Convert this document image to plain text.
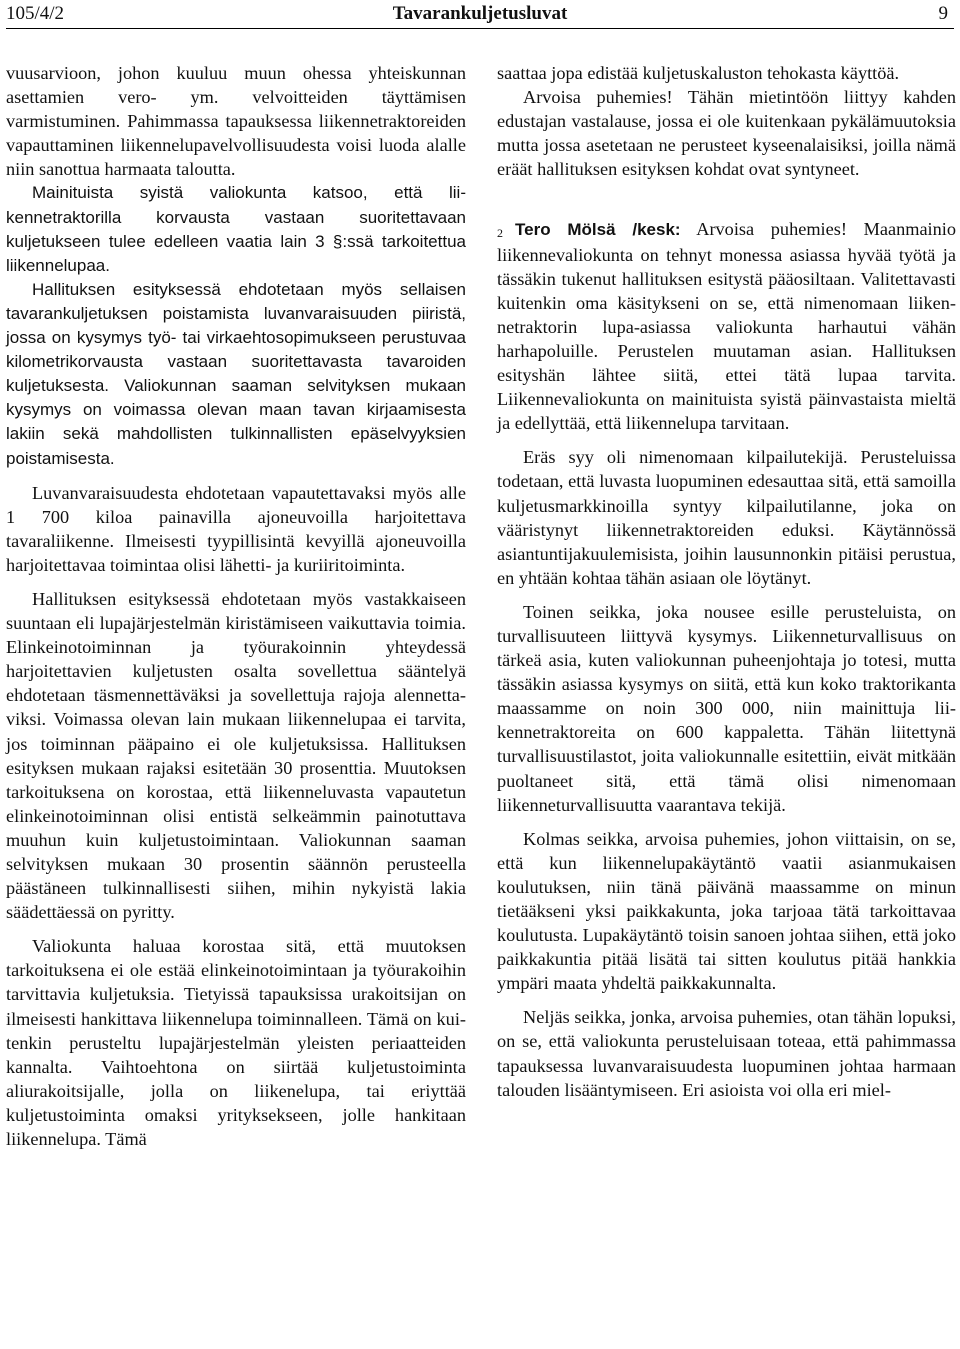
105/4/2	Tavarankuljetusluvat	9

vuusarvioon, johon kuuluu muun ohessa yhteiskunnan asettamien vero- ym. velvoitteiden täyttämisen varmistuminen. Pahimmassa tapauksessa liikennetraktoreiden vapauttaminen liikennelupavelvollisuudesta voisi luoda alalle niin sanottua harmaata taloutta.

Mainituista syistä valiokunta katsoo, että liikennetraktorilla korvausta vastaan suoritettavaan kuljetukseen tulee edelleen vaatia lain 3 §:ssä tarkoitettua liikennelupaa.

Hallituksen esityksessä ehdotetaan myös sellaisen tavarankuljetuksen poistamista luvanvaraisuuden piiristä, jossa on kysymys työ- tai virkaehtosopimukseen perustuvaa kilometrikorvausta vastaan suoritettavasta tavaroiden kuljetuksesta. Valiokunnan saaman selvityksen mukaan kysymys on voimassa olevan maan tavan kirjaamisesta lakiin sekä mahdollisten tulkinnallisten epäselvyyksien poistamisesta.

Luvanvaraisuudesta ehdotetaan vapautettavaksi myös alle 1 700 kiloa painavilla ajoneuvoilla harjoitettava tavaraliikenne. Ilmeisesti tyypillisintä kevyillä ajoneuvoilla harjoitettavaa toimintaa olisi lähetti- ja kuriiritoiminta.

Hallituksen esityksessä ehdotetaan myös vastakkaiseen suuntaan eli lupajärjestelmän kiristämiseen vaikuttavia toimia. Elinkeinotoiminnan ja työurakoinnin yhteydessä harjoitettavien kuljetusten osalta sovellettua sääntelyä ehdotetaan täsmennettäväksi ja sovellettuja rajoja alennettaviksi. Voimassa olevan lain mukaan liikennelupaa ei tarvita, jos toiminnan pääpaino ei ole kuljetuksissa. Hallituksen esityksen mukaan rajaksi esitetään 30 prosenttia. Muutoksen tarkoituksena on korostaa, että liikenneluvasta vapautetun elinkeinotoiminnan olisi entistä selkeämmin painotuttava muuhun kuin kuljetustoimintaan. Valiokunnan saaman selvityksen mukaan 30 prosentin säännön perusteella päästäneen tulkinnallisesti siihen, mihin nykyistä lakia säädettäessä on pyritty.

Valiokunta haluaa korostaa sitä, että muutoksen tarkoituksena ei ole estää elinkeinotoimintaan ja työurakoihin tarvittavia kuljetuksia. Tietyissä tapauksissa urakoitsijan on ilmeisesti hankittava liikennelupa toiminnalleen. Tämä on kuitenkin perusteltu lupajärjestelmän yleisten periaatteiden kannalta. Vaihtoehtona on siirtää kuljetustoiminta aliurakoitsijalle, jolla on liikenelupa, tai eriyttää kuljetustoiminta omaksi yrityksekseen, jolle hankitaan liikennelupa. Tämä

saattaa jopa edistää kuljetuskaluston tehokasta käyttöä.

Arvoisa puhemies! Tähän mietintöön liittyy kahden edustajan vastalause, jossa ei ole kuitenkaan pykälämuutoksia mutta jossa asetetaan ne perusteet kyseenalaisiksi, joilla nämä eräät hallituksen esityksen kohdat ovat syntyneet.

$^2$ Tero Mölsä /kesk: Arvoisa puhemies! Maanmainio liikennevaliokunta on tehnyt monessa asiassa hyvää työtä ja tässäkin tukenut hallituksen esitystä pääosiltaan. Valitettavasti kuitenkin oma käsitykseni on se, että nimenomaan liikennetraktorin lupa-asiassa valiokunta harhautui vähän harhapoluille. Perustelen muutaman asian. Hallituksen esityshän lähtee siitä, ettei tätä lupaa tarvita. Liikennevaliokunta on mainituista syistä päinvastaista mieltä ja edellyttää, että liikennelupa tarvitaan.

Eräs syy oli nimenomaan kilpailutekijä. Perusteluissa todetaan, että luvasta luopuminen edesauttaa sitä, että samoilla kuljetusmarkkinoilla syntyy kilpailutilanne, joka on vääristynyt liikennetraktoreiden eduksi. Käytännössä asiantuntijakuulemisista, joihin lausunnonkin pitäisi perustua, en yhtään kohtaa tähän asiaan ole löytänyt.

Toinen seikka, joka nousee esille perusteluista, on turvallisuuteen liittyvä kysymys. Liikenneturvallisuus on tärkeä asia, kuten valiokunnan puheenjohtaja jo totesi, mutta tässäkin asiassa kysymys on siitä, että kun koko traktorikanta maassamme on noin 300 000, niin mainittuja liikennetraktoreita on 600 kappaletta. Tähän liitettynä turvallisuustilastot, joita valiokunnalle esitettiin, eivät mitkään puoltaneet sitä, että tämä olisi nimenomaan liikenneturvallisuutta vaarantava tekijä.

Kolmas seikka, arvoisa puhemies, johon viittaisin, on se, että kun liikennelupakäytäntö vaatii asianmukaisen koulutuksen, niin tänä päivänä maassamme on minun tietääkseni yksi paikkakunta, joka tarjoaa tätä tarkoittavaa koulutusta. Lupakäytäntö toisin sanoen johtaa siihen, että joko paikkakuntia pitää lisätä tai sitten koulutus pitää hankkia ympäri maata yhdeltä paikkakunnalta.

Neljäs seikka, jonka, arvoisa puhemies, otan tähän lopuksi, on se, että valiokunta perusteluisaan toteaa, että pahimmassa tapauksessa luvanvaraisuudesta luopuminen johtaa harmaan talouden lisääntymiseen. Eri asioista voi olla eri miel-
